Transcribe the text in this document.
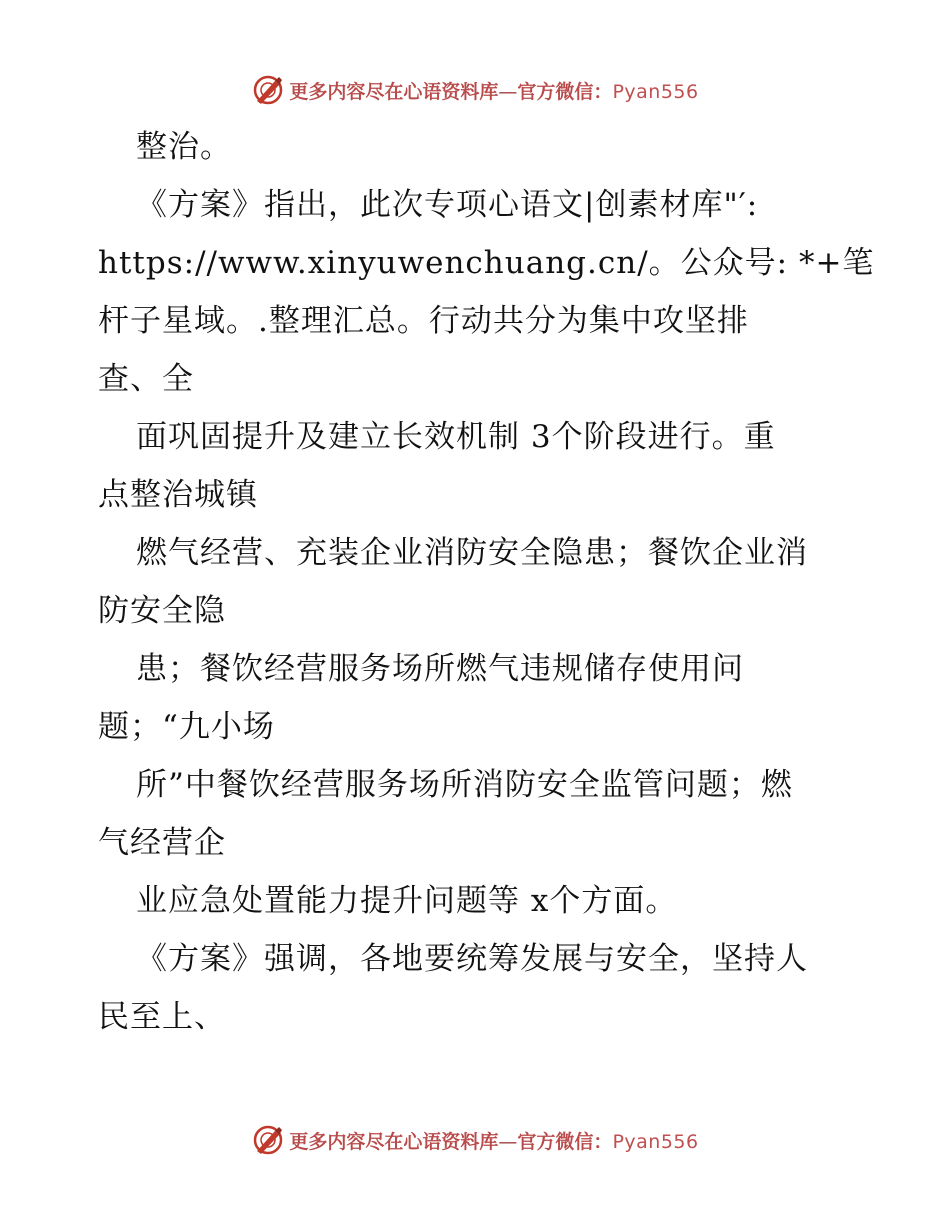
更多内容尽在心语资料库—官方微信：Pyan556
整治。
《方案》指出，此次专项心语文|创素材库"′:
https://www.xinyuwenchuang.cn/。公众号: *+笔
杆子星域。.整理汇总。行动共分为集中攻坚排
查、全
面巩固提升及建立长效机制 3个阶段进行。重
点整治城镇
燃气经营、充装企业消防安全隐患；餐饮企业消
防安全隐
患；餐饮经营服务场所燃气违规储存使用问
题；“九小场
所”中餐饮经营服务场所消防安全监管问题；燃
气经营企
业应急处置能力提升问题等 x个方面。
《方案》强调，各地要统筹发展与安全，坚持人
民至上、
更多内容尽在心语资料库—官方微信：Pyan556
